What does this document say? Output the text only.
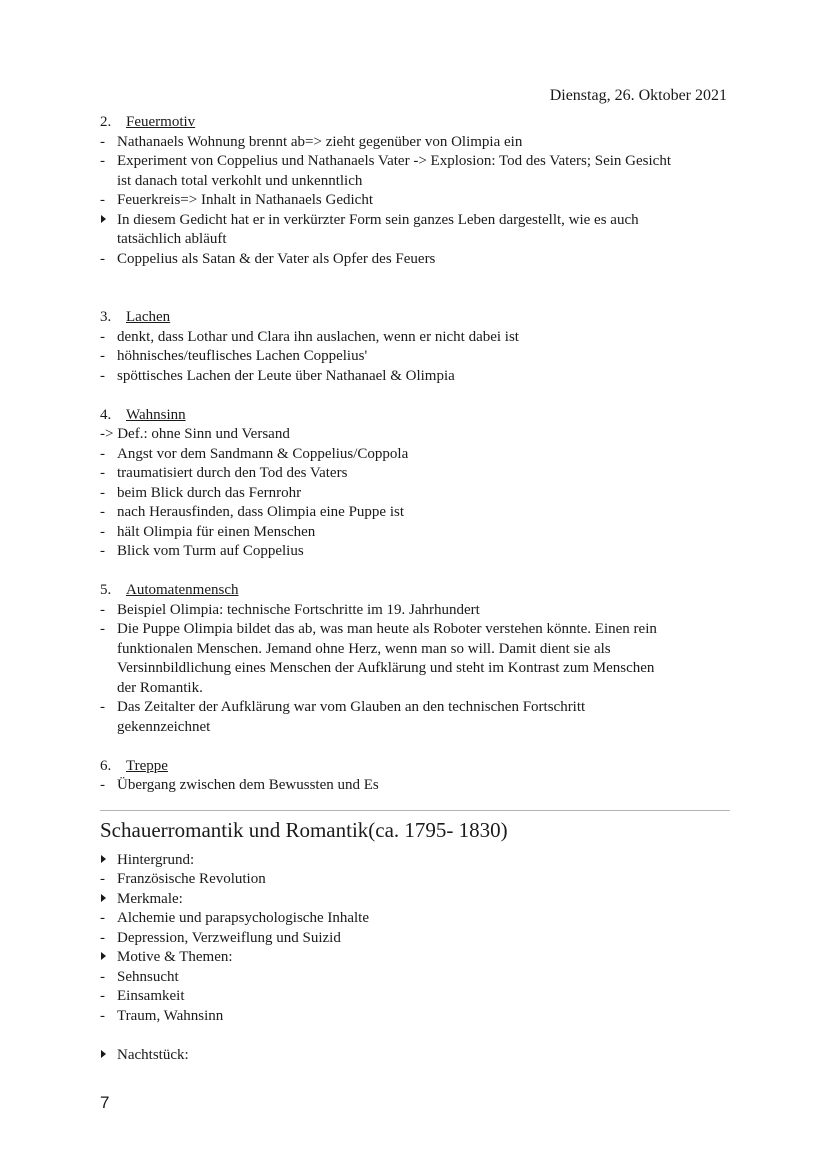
Dienstag, 26. Oktober 2021
2. Feuermotiv
- Nathanaels Wohnung brennt ab=> zieht gegenüber von Olimpia ein
- Experiment von Coppelius und Nathanaels Vater -> Explosion: Tod des Vaters; Sein Gesicht
ist danach total verkohlt und unkenntlich
- Feuerkreis=> Inhalt in Nathanaels Gedicht
In diesem Gedicht hat er in verkürzter Form sein ganzes Leben dargestellt, wie es auch
tatsächlich abläuft
- Coppelius als Satan & der Vater als Opfer des Feuers
3. Lachen
- denkt, dass Lothar und Clara ihn auslachen, wenn er nicht dabei ist
- höhnisches/teuflisches Lachen Coppelius'
- spöttisches Lachen der Leute über Nathanael & Olimpia
4. Wahnsinn
-> Def.: ohne Sinn und Versand
- Angst vor dem Sandmann & Coppelius/Coppola
- traumatisiert durch den Tod des Vaters
- beim Blick durch das Fernrohr
- nach Herausfinden, dass Olimpia eine Puppe ist
- hält Olimpia für einen Menschen
- Blick vom Turm auf Coppelius
5. Automatenmensch
- Beispiel Olimpia: technische Fortschritte im 19. Jahrhundert
- Die Puppe Olimpia bildet das ab, was man heute als Roboter verstehen könnte. Einen rein
funktionalen Menschen. Jemand ohne Herz, wenn man so will. Damit dient sie als
Versinnbildlichung eines Menschen der Aufklärung und steht im Kontrast zum Menschen
der Romantik.
- Das Zeitalter der Aufklärung war vom Glauben an den technischen Fortschritt
gekennzeichnet
6. Treppe
- Übergang zwischen dem Bewussten und Es
Schauerromantik und Romantik(ca. 1795- 1830)
Hintergrund:
- Französische Revolution
Merkmale:
- Alchemie und parapsychologische Inhalte
- Depression, Verzweiflung und Suizid
Motive & Themen:
- Sehnsucht
- Einsamkeit
- Traum, Wahnsinn
Nachtstück:
7
